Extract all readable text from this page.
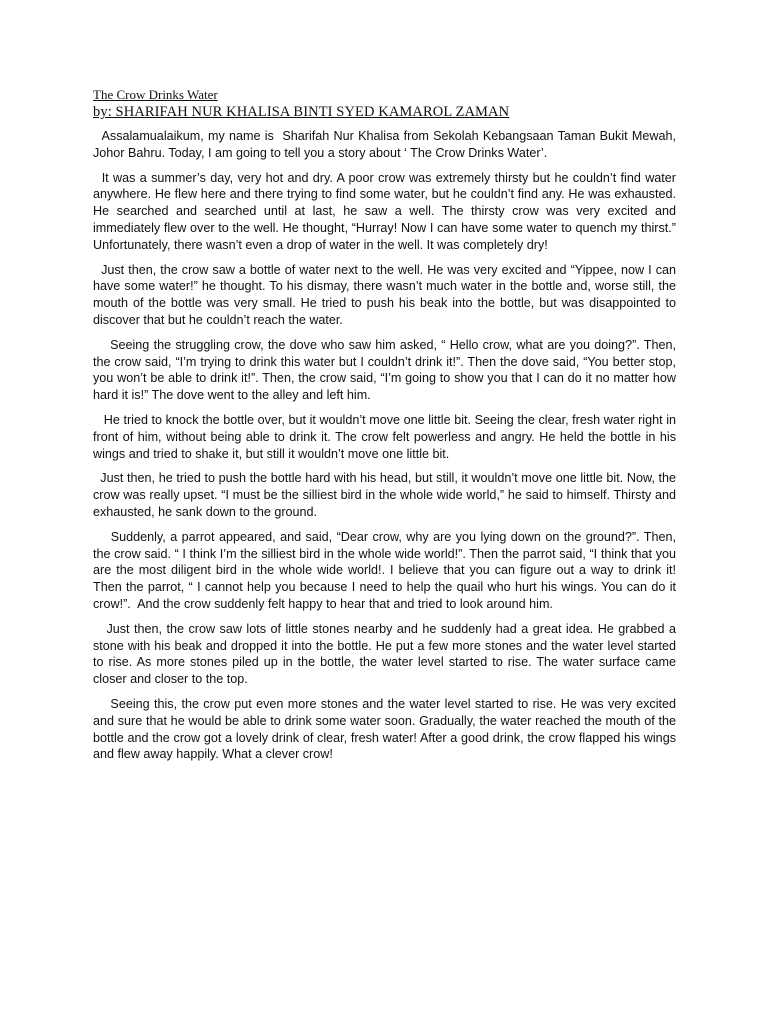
The Crow Drinks Water

by: SHARIFAH NUR KHALISA BINTI SYED KAMAROL ZAMAN

Assalamualaikum, my name is  Sharifah Nur Khalisa from Sekolah Kebangsaan Taman Bukit Mewah, Johor Bahru. Today, I am going to tell you a story about ‘ The Crow Drinks Water’.

It was a summer’s day, very hot and dry. A poor crow was extremely thirsty but he couldn’t find water anywhere. He flew here and there trying to find some water, but he couldn’t find any. He was exhausted. He searched and searched until at last, he saw a well. The thirsty crow was very excited and immediately flew over to the well. He thought, “Hurray! Now I can have some water to quench my thirst.” Unfortunately, there wasn’t even a drop of water in the well. It was completely dry!

Just then, the crow saw a bottle of water next to the well. He was very excited and “Yippee, now I can have some water!” he thought. To his dismay, there wasn’t much water in the bottle and, worse still, the mouth of the bottle was very small. He tried to push his beak into the bottle, but was disappointed to discover that but he couldn’t reach the water.

Seeing the struggling crow, the dove who saw him asked, “ Hello crow, what are you doing?”. Then, the crow said, “I’m trying to drink this water but I couldn’t drink it!”. Then the dove said, “You better stop, you won’t be able to drink it!”. Then, the crow said, “I’m going to show you that I can do it no matter how hard it is!” The dove went to the alley and left him.

He tried to knock the bottle over, but it wouldn’t move one little bit. Seeing the clear, fresh water right in front of him, without being able to drink it. The crow felt powerless and angry. He held the bottle in his wings and tried to shake it, but still it wouldn’t move one little bit.

Just then, he tried to push the bottle hard with his head, but still, it wouldn’t move one little bit. Now, the crow was really upset. “I must be the silliest bird in the whole wide world,” he said to himself. Thirsty and exhausted, he sank down to the ground.

Suddenly, a parrot appeared, and said, “Dear crow, why are you lying down on the ground?”. Then, the crow said. “ I think I’m the silliest bird in the whole wide world!”. Then the parrot said, “I think that you are the most diligent bird in the whole wide world!. I believe that you can figure out a way to drink it! Then the parrot, “ I cannot help you because I need to help the quail who hurt his wings. You can do it crow!”.  And the crow suddenly felt happy to hear that and tried to look around him.

Just then, the crow saw lots of little stones nearby and he suddenly had a great idea. He grabbed a stone with his beak and dropped it into the bottle. He put a few more stones and the water level started to rise. As more stones piled up in the bottle, the water level started to rise. The water surface came closer and closer to the top.

Seeing this, the crow put even more stones and the water level started to rise. He was very excited and sure that he would be able to drink some water soon. Gradually, the water reached the mouth of the bottle and the crow got a lovely drink of clear, fresh water! After a good drink, the crow flapped his wings and flew away happily. What a clever crow!
